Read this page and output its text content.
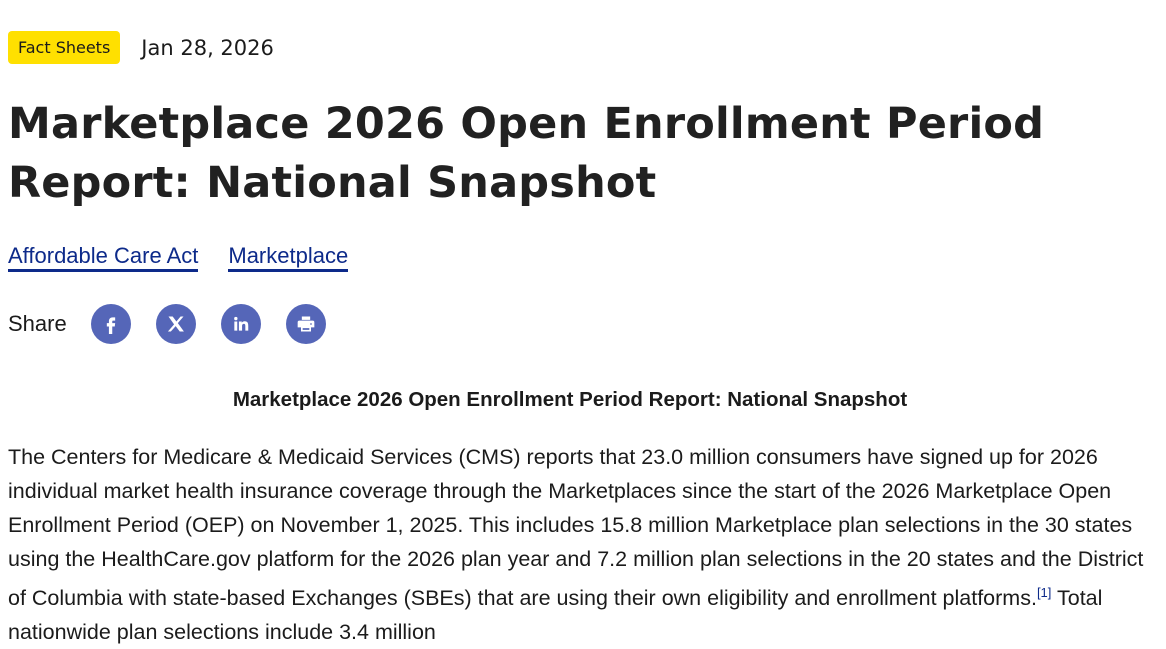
Fact Sheets	Jan 28, 2026
Marketplace 2026 Open Enrollment Period Report: National Snapshot
Affordable Care Act Marketplace
Share
Marketplace 2026 Open Enrollment Period Report: National Snapshot

The Centers for Medicare & Medicaid Services (CMS) reports that 23.0 million consumers have signed up for 2026 individual market health insurance coverage through the Marketplaces since the start of the 2026 Marketplace Open Enrollment Period (OEP) on November 1, 2025. This includes 15.8 million Marketplace plan selections in the 30 states using the HealthCare.gov platform for the 2026 plan year and 7.2 million plan selections in the 20 states and the District of Columbia with state-based Exchanges (SBEs) that are using their own eligibility and enrollment platforms.[1] Total nationwide plan selections include 3.4 million
